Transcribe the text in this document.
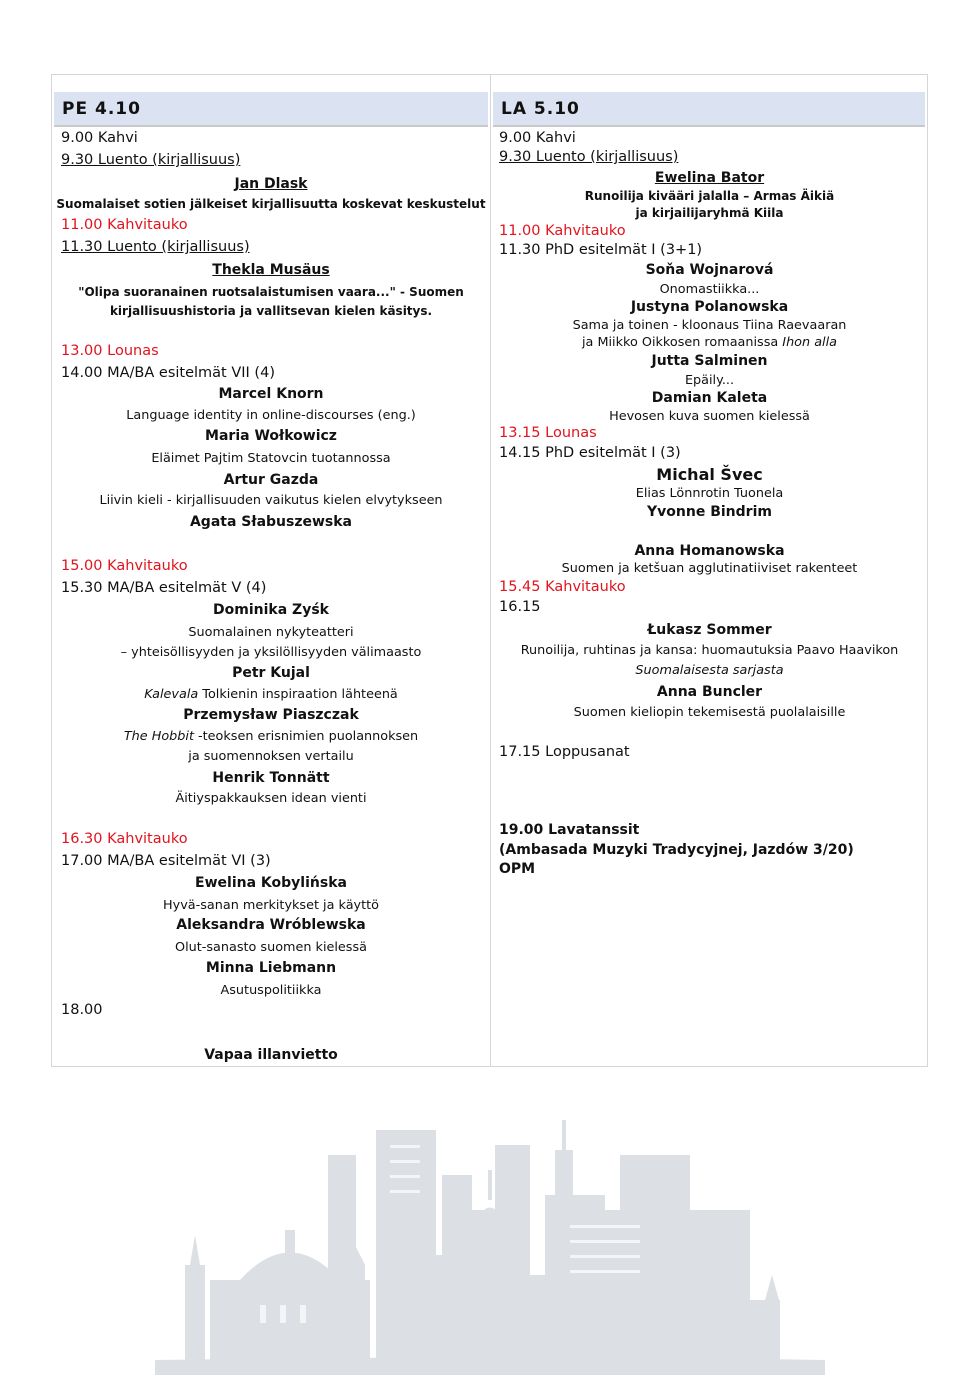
PE 4.10
9.00 Kahvi
9.30 Luento (kirjallisuus)
Jan Dlask
Suomalaiset sotien jälkeiset kirjallisuutta koskevat keskustelut
11.00 Kahvitauko
11.30 Luento (kirjallisuus)
Thekla Musäus
"Olipa suoranainen ruotsalaistumisen vaara..." - Suomen
kirjallisuushistoria ja vallitsevan kielen käsitys.
13.00 Lounas
14.00 MA/BA esitelmät VII (4)
Marcel Knorn
Language identity in online-discourses (eng.)
Maria Wołkowicz
Eläimet Pajtim Statovcin tuotannossa
Artur Gazda
Liivin kieli - kirjallisuuden vaikutus kielen elvytykseen
Agata Słabuszewska
15.00 Kahvitauko
15.30 MA/BA esitelmät V (4)
Dominika Zyśk
Suomalainen nykyteatteri
– yhteisöllisyyden ja yksilöllisyyden välimaasto
Petr Kujal
Kalevala Tolkienin inspiraation lähteenä
Przemysław Piaszczak
The Hobbit -teoksen erisnimien puolannoksen
ja suomennoksen vertailu
Henrik Tonnätt
Äitiyspakkauksen idean vienti
16.30 Kahvitauko
17.00 MA/BA esitelmät VI (3)
Ewelina Kobylińska
Hyvä-sanan merkitykset ja käyttö
Aleksandra Wróblewska
Olut-sanasto suomen kielessä
Minna Liebmann
Asutuspolitiikka
18.00
Vapaa illanvietto
LA 5.10
9.00 Kahvi
9.30 Luento (kirjallisuus)
Ewelina Bator
Runoilija kivääri jalalla – Armas Äikiä
ja kirjailijaryhmä Kiila
11.00 Kahvitauko
11.30 PhD esitelmät I (3+1)
Soňa Wojnarová
Onomastiikka...
Justyna Polanowska
Sama ja toinen - kloonaus Tiina Raevaaran
ja Miikko Oikkosen romaanissa Ihon alla
Jutta Salminen
Epäily...
Damian Kaleta
Hevosen kuva suomen kielessä
13.15 Lounas
14.15 PhD esitelmät I (3)
Michal Švec
Elias Lönnrotin Tuonela
Yvonne Bindrim
Anna Homanowska
Suomen ja ketšuan agglutinatiiviset rakenteet
15.45 Kahvitauko
16.15
Łukasz Sommer
Runoilija, ruhtinas ja kansa: huomautuksia Paavo Haavikon
Suomalaisesta sarjasta
Anna Buncler
Suomen kieliopin tekemisestä puolalaisille
17.15 Loppusanat
19.00 Lavatanssit
(Ambasada Muzyki Tradycyjnej, Jazdów 3/20)
OPM
